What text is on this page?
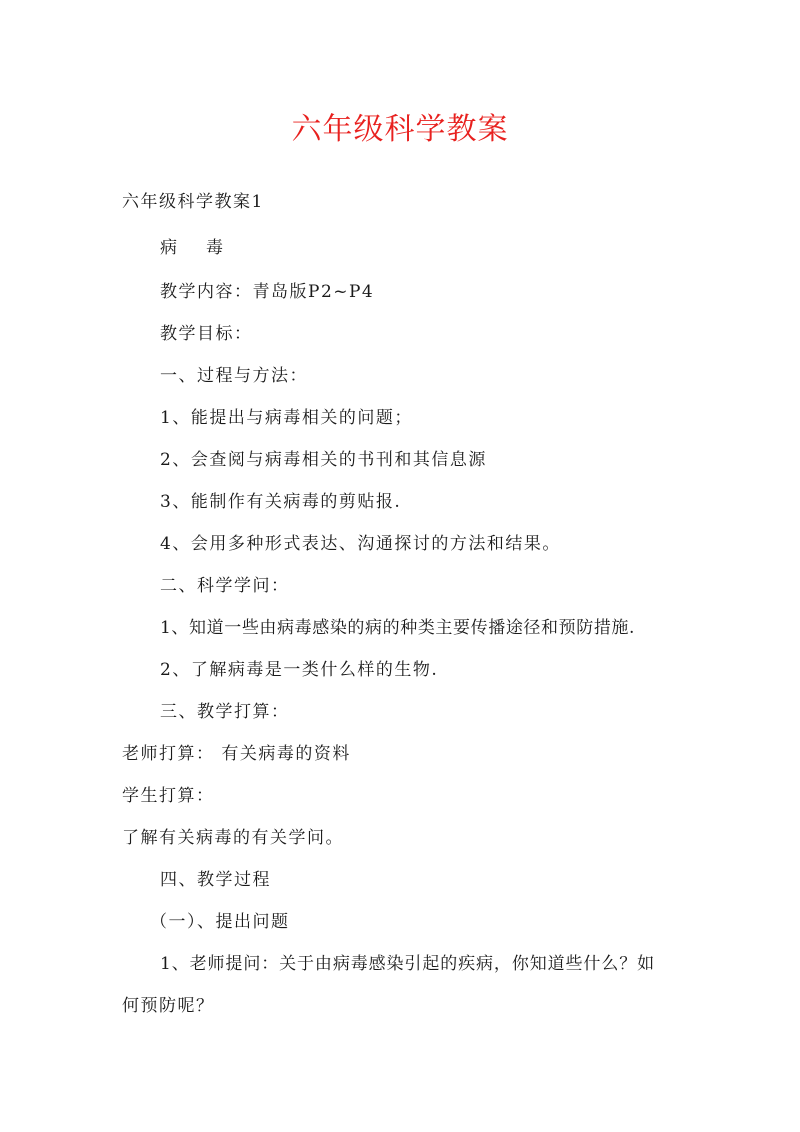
六年级科学教案
六年级科学教案1
病　毒
教学内容：青岛版P2~P4
教学目标：
一、过程与方法：
1、能提出与病毒相关的问题；
2、会查阅与病毒相关的书刊和其信息源
3、能制作有关病毒的剪贴报.
4、会用多种形式表达、沟通探讨的方法和结果。
二、科学学问：
1、知道一些由病毒感染的病的种类主要传播途径和预防措施.
2、了解病毒是一类什么样的生物.
三、教学打算：
老师打算： 有关病毒的资料
学生打算：
了解有关病毒的有关学问。
四、教学过程
（一）、提出问题
1、老师提问：关于由病毒感染引起的疾病，你知道些什么？如
何预防呢？
